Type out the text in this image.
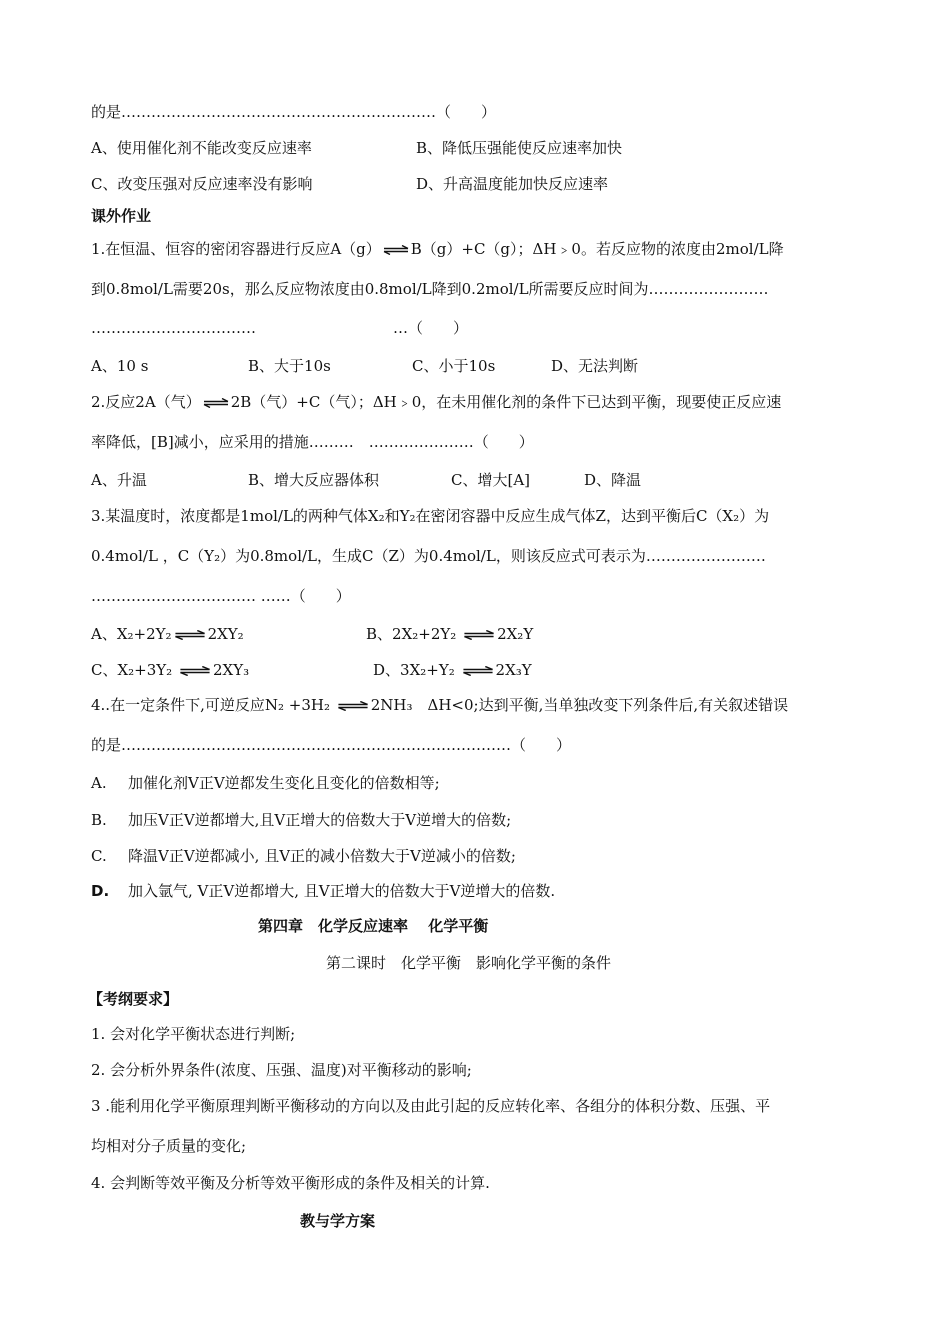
的是………………………………………………………（　　）
A、使用催化剂不能改变反应速率	B、降低压强能使反应速率加快
C、改变压强对反应速率没有影响	D、升高温度能加快反应速率
课外作业
1.在恒温、恒容的密闭容器进行反应A（g） B（g）+C（g）；ΔH﹥0。若反应物的浓度由2mol/L降
到0.8mol/L需要20s，那么反应物浓度由0.8mol/L降到0.2mol/L所需要反应时间为……………………
……………………………	…（　　）
A、10 s	B、大于10s	C、小于10s	D、无法判断
2.反应2A（气） 2B（气）+C（气）；ΔH﹥0，在未用催化剂的条件下已达到平衡，现要使正反应速
率降低，[B]减小，应采用的措施………　…………………（　　）
A、升温	B、增大反应器体积	C、增大[A]	D、降温
3.某温度时，浓度都是1mol/L的两种气体X₂和Y₂在密闭容器中反应生成气体Z，达到平衡后C（X₂）为
0.4mol/L ，C（Y₂）为0.8mol/L，生成C（Z）为0.4mol/L，则该反应式可表示为……………………
…………………………… ……（　　）
A、X₂+2Y₂ 2XY₂	B、2X₂+2Y₂	2X₂Y
C、X₂+3Y₂	2XY₃	D、3X₂+Y₂	2X₃Y
4..在一定条件下,可逆反应N₂ +3H₂	2NH₃　ΔH<0;达到平衡,当单独改变下列条件后,有关叙述错误
的是……………………………………………………………………（　　）
A. 加催化剂V正V逆都发生变化且变化的倍数相等;
B. 加压V正V逆都增大,且V正增大的倍数大于V逆增大的倍数;
C. 降温V正V逆都减小, 且V正的减小倍数大于V逆减小的倍数;
D. 加入氩气, V正V逆都增大, 且V正增大的倍数大于V逆增大的倍数.
第四章　化学反应速率　 化学平衡
第二课时　化学平衡　影响化学平衡的条件
【考纲要求】
1. 会对化学平衡状态进行判断;
2. 会分析外界条件(浓度、压强、温度)对平衡移动的影响;
3 .能利用化学平衡原理判断平衡移动的方向以及由此引起的反应转化率、各组分的体积分数、压强、平
均相对分子质量的变化;
4. 会判断等效平衡及分析等效平衡形成的条件及相关的计算.
教与学方案
